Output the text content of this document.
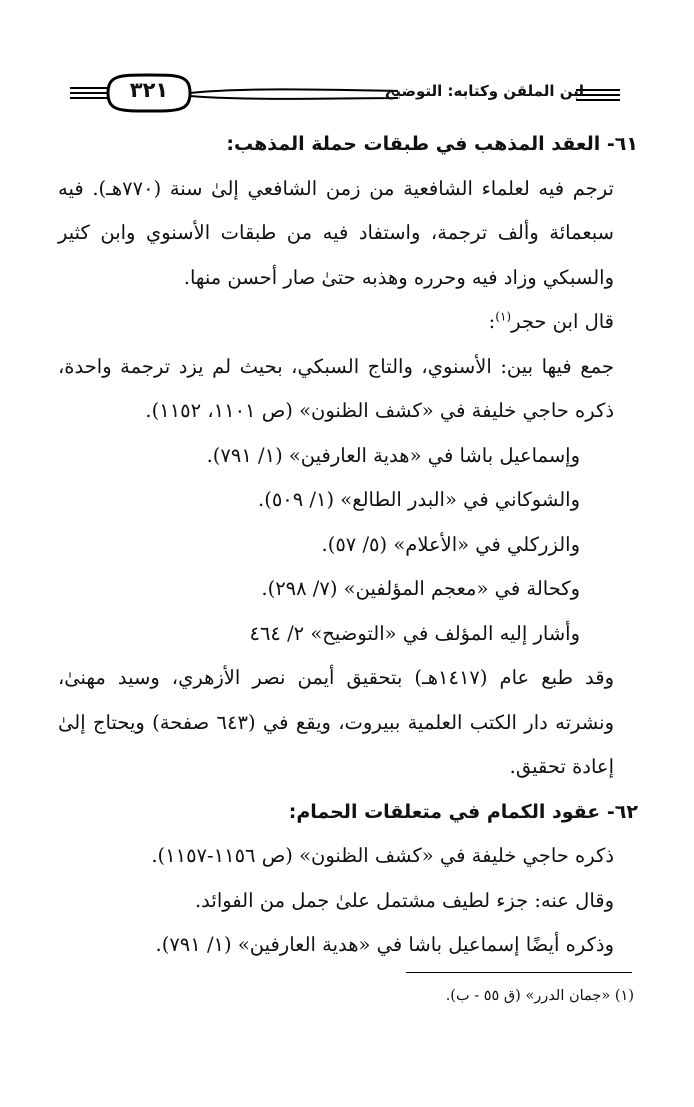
٣٢١	ابن الملقن وكتابه: التوضيح

٦١- العقد المذهب في طبقات حملة المذهب:

ترجم فيه لعلماء الشافعية من زمن الشافعي إلىٰ سنة (٧٧٠هـ). فيه سبعمائة وألف ترجمة، واستفاد فيه من طبقات الأسنوي وابن كثير والسبكي وزاد فيه وحرره وهذبه حتىٰ صار أحسن منها.

قال ابن حجر$^{(١)}$:

جمع فيها بين: الأسنوي، والتاج السبكي، بحيث لم يزد ترجمة واحدة، ذكره حاجي خليفة في «كشف الظنون» (ص ١١٠١، ١١٥٢).

وإسماعيل باشا في «هدية العارفين» (١/ ٧٩١).

والشوكاني في «البدر الطالع» (١/ ٥٠٩).

والزركلي في «الأعلام» (٥/ ٥٧).

وكحالة في «معجم المؤلفين» (٧/ ٢٩٨).

وأشار إليه المؤلف في «التوضيح» ٢/ ٤٦٤

وقد طبع عام (١٤١٧هـ) بتحقيق أيمن نصر الأزهري، وسيد مهنىٰ، ونشرته دار الكتب العلمية ببيروت، ويقع في (٦٤٣ صفحة) ويحتاج إلىٰ إعادة تحقيق.

٦٢- عقود الكمام في متعلقات الحمام:

ذكره حاجي خليفة في «كشف الظنون» (ص ١١٥٦-١١٥٧).

وقال عنه: جزء لطيف مشتمل علىٰ جمل من الفوائد.

وذكره أيضًا إسماعيل باشا في «هدية العارفين» (١/ ٧٩١).

(١) «جمان الدرر» (ق ٥٥ - ب).
